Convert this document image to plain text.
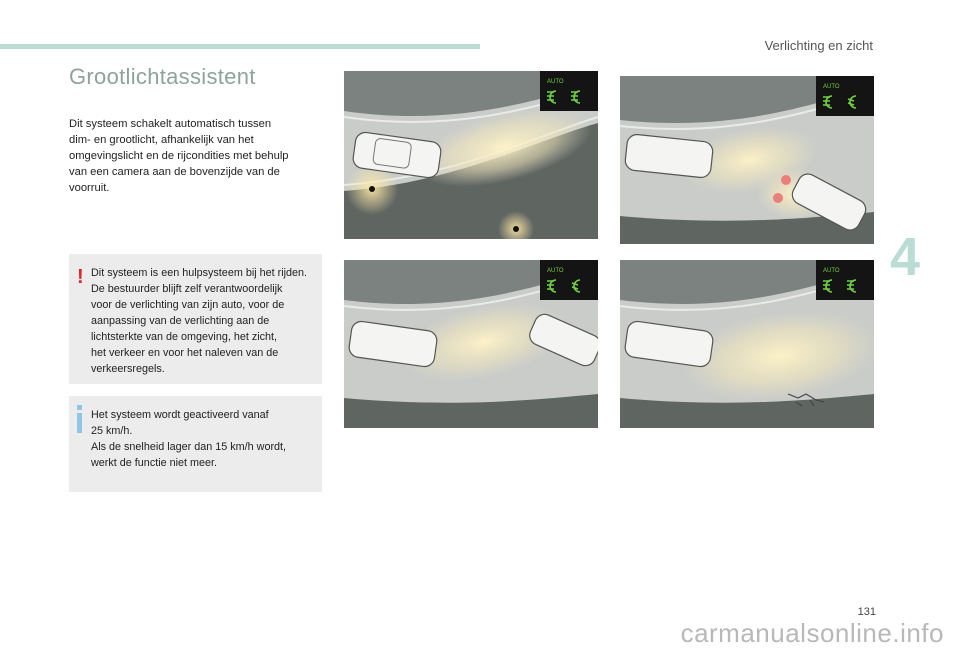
Verlichting en zicht
4
Grootlichtassistent
Dit systeem schakelt automatisch tussen
dim- en grootlicht, afhankelijk van het
omgevingslicht en de rijcondities met behulp
van een camera aan de bovenzijde van de
voorruit.
! Dit systeem is een hulpsysteem bij het rijden.
De bestuurder blijft zelf verantwoordelijk
voor de verlichting van zijn auto, voor de
aanpassing van de verlichting aan de
lichtsterkte van de omgeving, het zicht,
het verkeer en voor het naleven van de
verkeersregels.
Het systeem wordt geactiveerd vanaf
25 km/h.
Als de snelheid lager dan 15 km/h wordt,
werkt de functie niet meer.
AUTO
AUTO
AUTO	AUTO
131
carmanualsonline.info
